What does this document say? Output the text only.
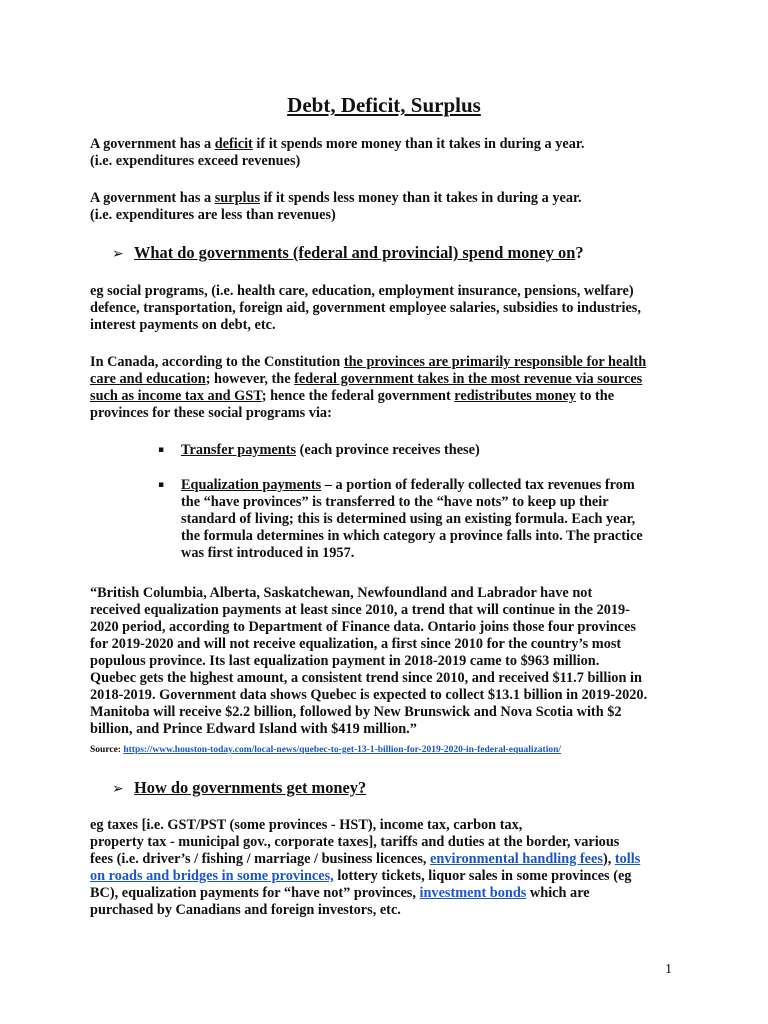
Debt, Deficit, Surplus
A government has a deficit if it spends more money than it takes in during a year.
(i.e. expenditures exceed revenues)
A government has a surplus if it spends less money than it takes in during a year.
(i.e. expenditures are less than revenues)
➢ What do governments (federal and provincial) spend money on?
eg social programs, (i.e. health care, education, employment insurance, pensions, welfare)
defence, transportation, foreign aid, government employee salaries, subsidies to industries,
interest payments on debt, etc.
In Canada, according to the Constitution the provinces are primarily responsible for health
care and education; however, the federal government takes in the most revenue via sources
such as income tax and GST; hence the federal government redistributes money to the
provinces for these social programs via:
▪ Transfer payments (each province receives these)
▪ Equalization payments – a portion of federally collected tax revenues from
the “have provinces” is transferred to the “have nots” to keep up their
standard of living; this is determined using an existing formula. Each year,
the formula determines in which category a province falls into. The practice
was first introduced in 1957.
“British Columbia, Alberta, Saskatchewan, Newfoundland and Labrador have not
received equalization payments at least since 2010, a trend that will continue in the 2019-
2020 period, according to Department of Finance data. Ontario joins those four provinces
for 2019-2020 and will not receive equalization, a first since 2010 for the country’s most
populous province. Its last equalization payment in 2018-2019 came to $963 million.
Quebec gets the highest amount, a consistent trend since 2010, and received $11.7 billion in
2018-2019. Government data shows Quebec is expected to collect $13.1 billion in 2019-2020.
Manitoba will receive $2.2 billion, followed by New Brunswick and Nova Scotia with $2
billion, and Prince Edward Island with $419 million.”
Source: https://www.houston-today.com/local-news/quebec-to-get-13-1-billion-for-2019-2020-in-federal-equalization/
➢ How do governments get money?
eg taxes [i.e. GST/PST (some provinces - HST), income tax, carbon tax,
property tax - municipal gov., corporate taxes], tariffs and duties at the border, various
fees (i.e. driver’s / fishing / marriage / business licences, environmental handling fees), tolls
on roads and bridges in some provinces, lottery tickets, liquor sales in some provinces (eg
BC), equalization payments for “have not” provinces, investment bonds which are
purchased by Canadians and foreign investors, etc.
1
